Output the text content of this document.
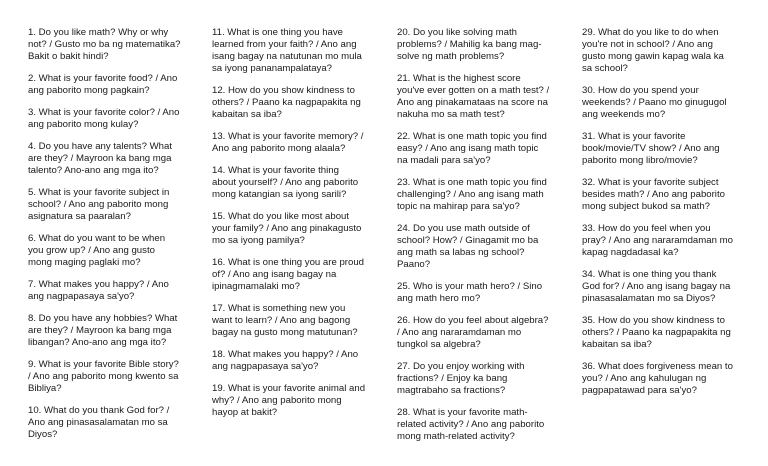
1. Do you like math? Why or why
not? / Gusto mo ba ng matematika?
Bakit o bakit hindi?

2. What is your favorite food? / Ano
ang paborito mong pagkain?

3. What is your favorite color? / Ano
ang paborito mong kulay?

4. Do you have any talents? What
are they? / Mayroon ka bang mga
talento? Ano-ano ang mga ito?

5. What is your favorite subject in
school? / Ano ang paborito mong
asignatura sa paaralan?

6. What do you want to be when
you grow up? / Ano ang gusto
mong maging paglaki mo?

7. What makes you happy? / Ano
ang nagpapasaya sa'yo?

8. Do you have any hobbies? What
are they? / Mayroon ka bang mga
libangan? Ano-ano ang mga ito?

9. What is your favorite Bible story?
/ Ano ang paborito mong kwento sa
Bibliya?

10. What do you thank God for? /
Ano ang pinasasalamatan mo sa
Diyos?

11. What is one thing you have
learned from your faith? / Ano ang
isang bagay na natutunan mo mula
sa iyong pananampalataya?

12. How do you show kindness to
others? / Paano ka nagpapakita ng
kabaitan sa iba?

13. What is your favorite memory? /
Ano ang paborito mong alaala?

14. What is your favorite thing
about yourself? / Ano ang paborito
mong katangian sa iyong sarili?

15. What do you like most about
your family? / Ano ang pinakagusto
mo sa iyong pamilya?

16. What is one thing you are proud
of? / Ano ang isang bagay na
ipinagmamalaki mo?

17. What is something new you
want to learn? / Ano ang bagong
bagay na gusto mong matutunan?

18. What makes you happy? / Ano
ang nagpapasaya sa'yo?

19. What is your favorite animal and
why? / Ano ang paborito mong
hayop at bakit?

20. Do you like solving math
problems? / Mahilig ka bang mag-
solve ng math problems?

21. What is the highest score
you've ever gotten on a math test? /
Ano ang pinakamataas na score na
nakuha mo sa math test?

22. What is one math topic you find
easy? / Ano ang isang math topic
na madali para sa'yo?

23. What is one math topic you find
challenging? / Ano ang isang math
topic na mahirap para sa'yo?

24. Do you use math outside of
school? How? / Ginagamit mo ba
ang math sa labas ng school?
Paano?

25. Who is your math hero? / Sino
ang math hero mo?

26. How do you feel about algebra?
/ Ano ang nararamdaman mo
tungkol sa algebra?

27. Do you enjoy working with
fractions? / Enjoy ka bang
magtrabaho sa fractions?

28. What is your favorite math-
related activity? / Ano ang paborito
mong math-related activity?

29. What do you like to do when
you're not in school? / Ano ang
gusto mong gawin kapag wala ka
sa school?

30. How do you spend your
weekends? / Paano mo ginugugol
ang weekends mo?

31. What is your favorite
book/movie/TV show? / Ano ang
paborito mong libro/movie?

32. What is your favorite subject
besides math? / Ano ang paborito
mong subject bukod sa math?

33. How do you feel when you
pray? / Ano ang nararamdaman mo
kapag nagdadasal ka?

34. What is one thing you thank
God for? / Ano ang isang bagay na
pinasasalamatan mo sa Diyos?

35. How do you show kindness to
others? / Paano ka nagpapakita ng
kabaitan sa iba?

36. What does forgiveness mean to
you? / Ano ang kahulugan ng
pagpapatawad para sa'yo?
